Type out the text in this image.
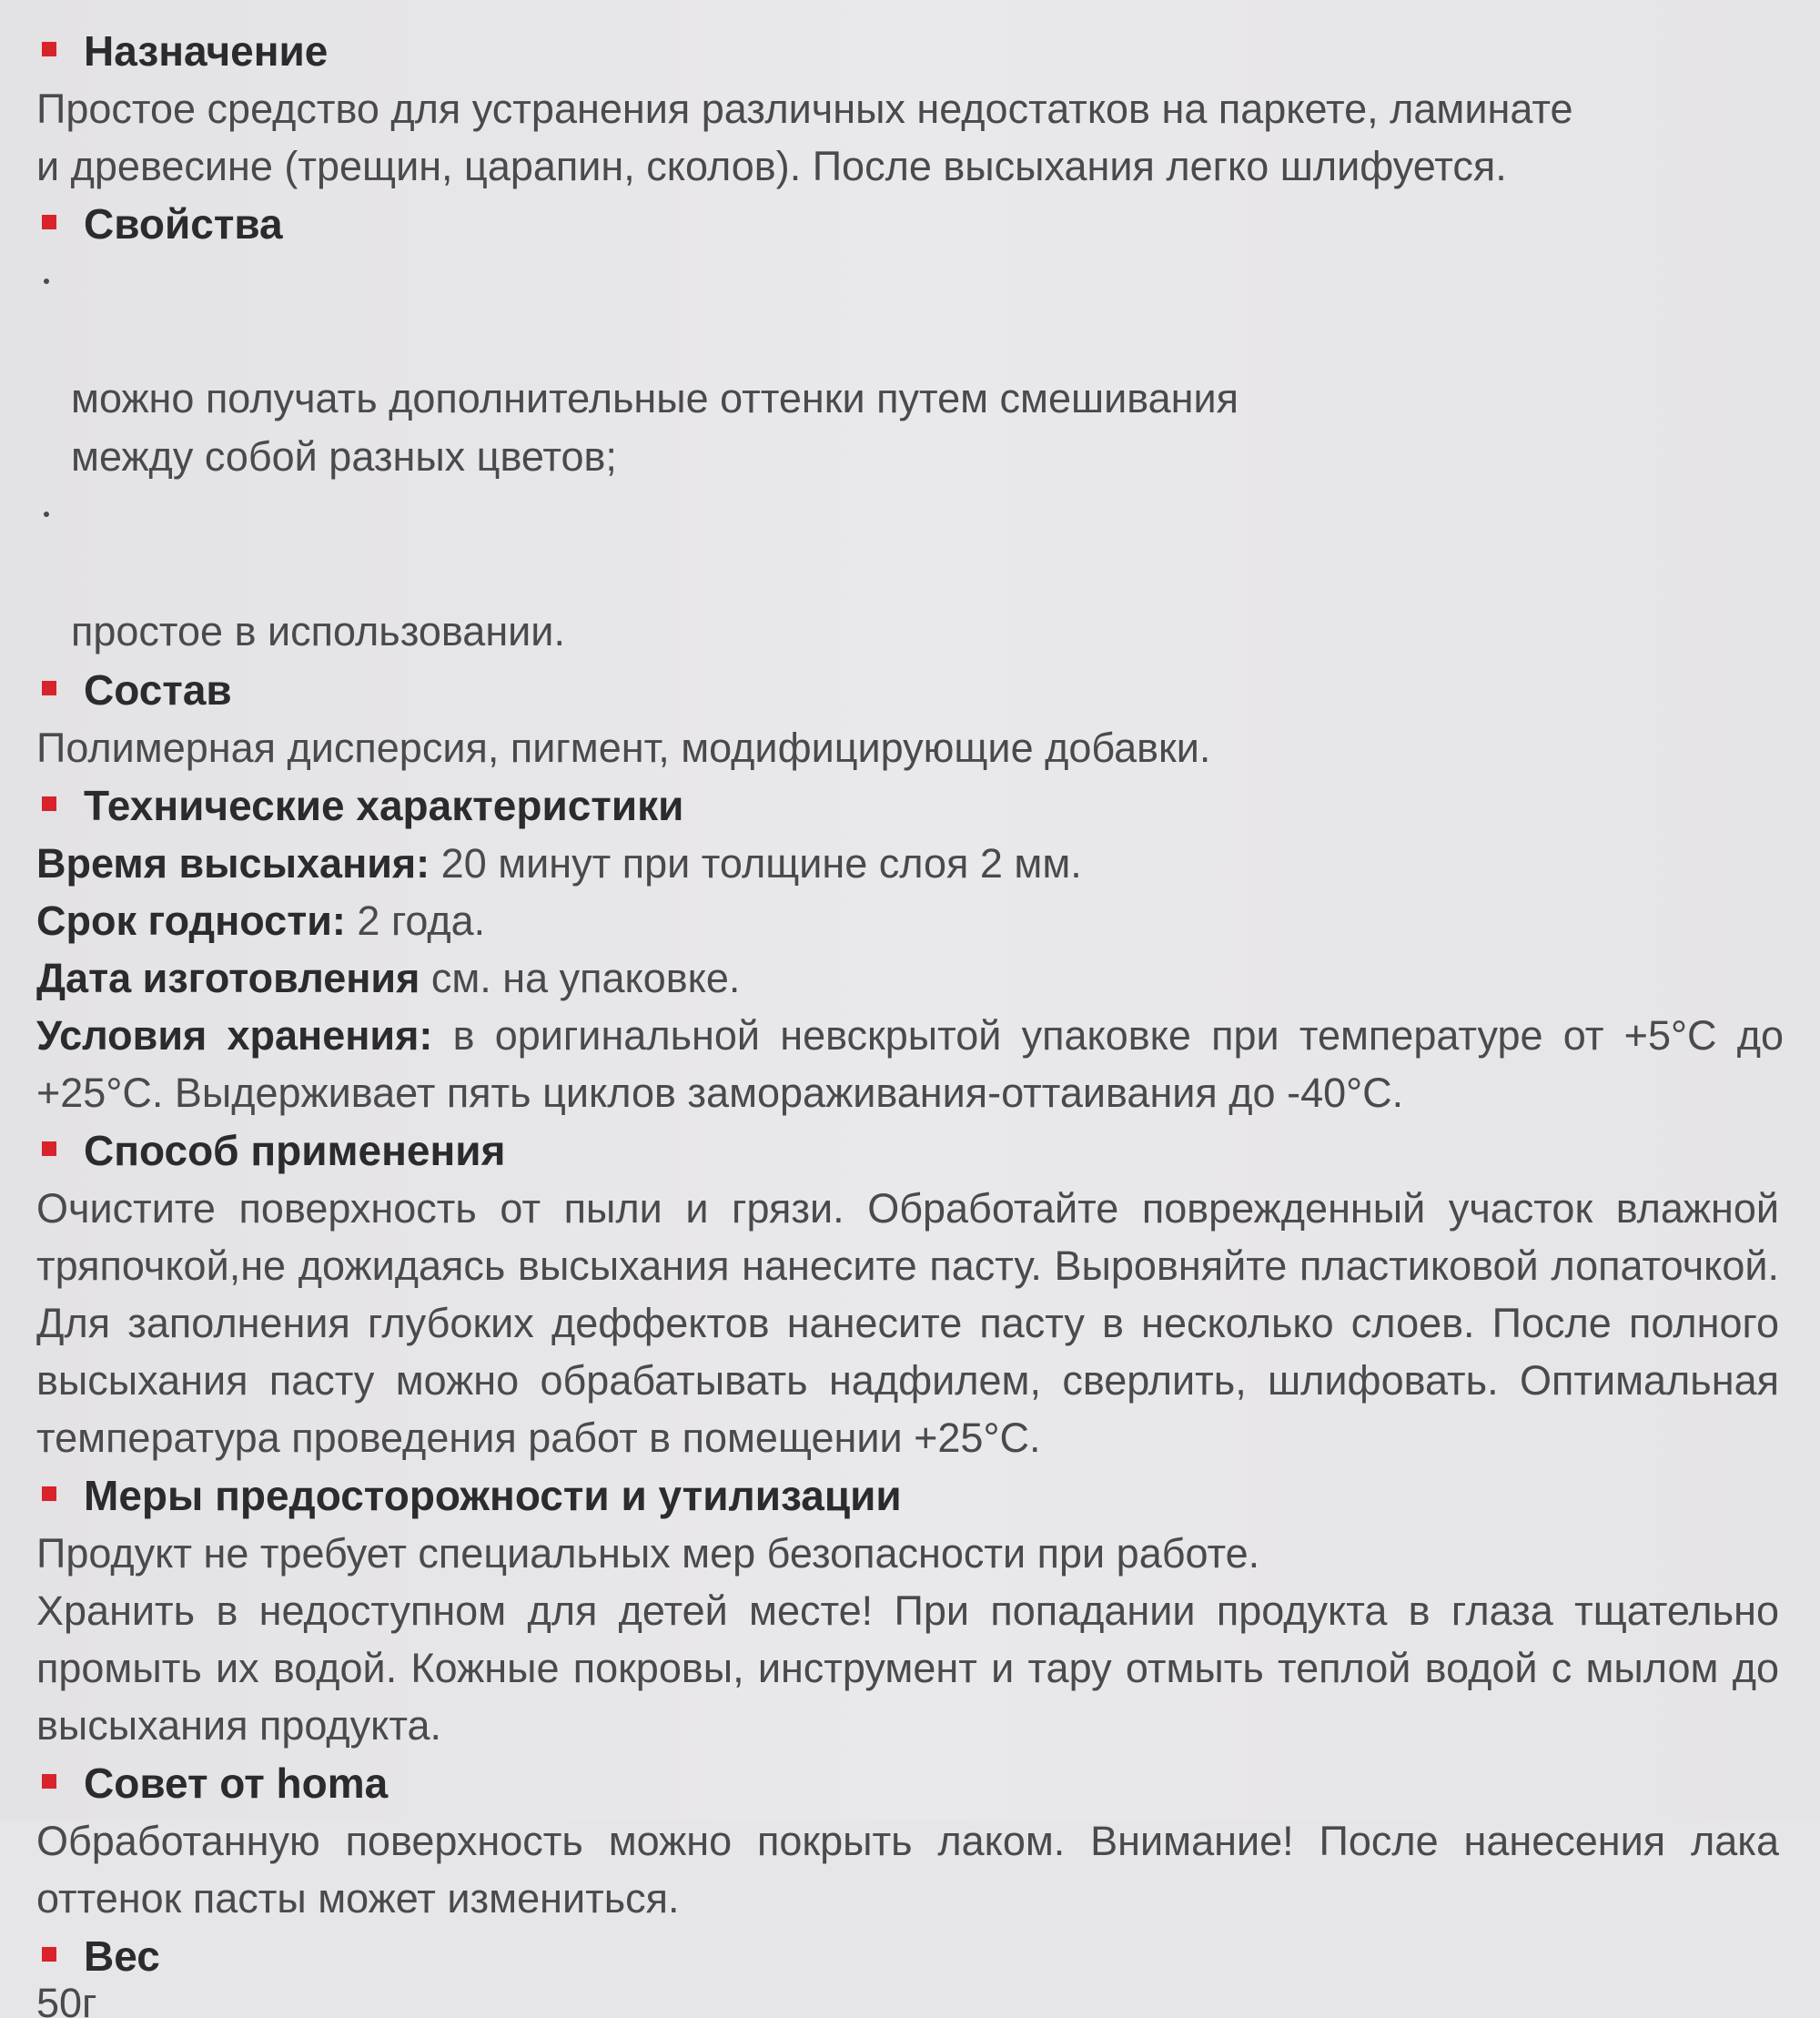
Назначение

Простое средство для устранения различных недостатков на паркете, ламинате

и древесине (трещин, царапин, сколов). После высыхания легко шлифуется.

Свойства

можно получать дополнительные оттенки путем смешивания
между собой разных цветов;

простое в использовании.

Состав

Полимерная дисперсия, пигмент, модифицирующие добавки.

Технические характеристики

Время высыхания: 20 минут при толщине слоя 2 мм.

Срок годности: 2 года.

Дата изготовления см. на упаковке.

Условия хранения: в оригинальной невскрытой упаковке при температуре от +5°С до +25°С. Выдерживает пять циклов замораживания-оттаивания до -40°С.

Способ применения

Очистите поверхность от пыли и грязи. Обработайте поврежденный участок влажной тряпочкой,не дожидаясь высыхания нанесите пасту. Выровняйте пластиковой лопаточкой. Для заполнения глубоких деффектов нанесите пасту в несколько слоев. После полного высыхания пасту можно обрабатывать надфилем, сверлить, шлифовать. Оптимальная температура проведения работ в помещении +25°С.

Меры предосторожности и утилизации

Продукт не требует специальных мер безопасности при работе.

Хранить в недоступном для детей месте! При попадании продукта в глаза тщательно промыть их водой. Кожные покровы, инструмент и тару отмыть теплой водой с мылом до высыхания продукта.

Совет от homa

Обработанную поверхность можно покрыть лаком. Внимание! После нанесения лака оттенок пасты может измениться.

Вес
50г
